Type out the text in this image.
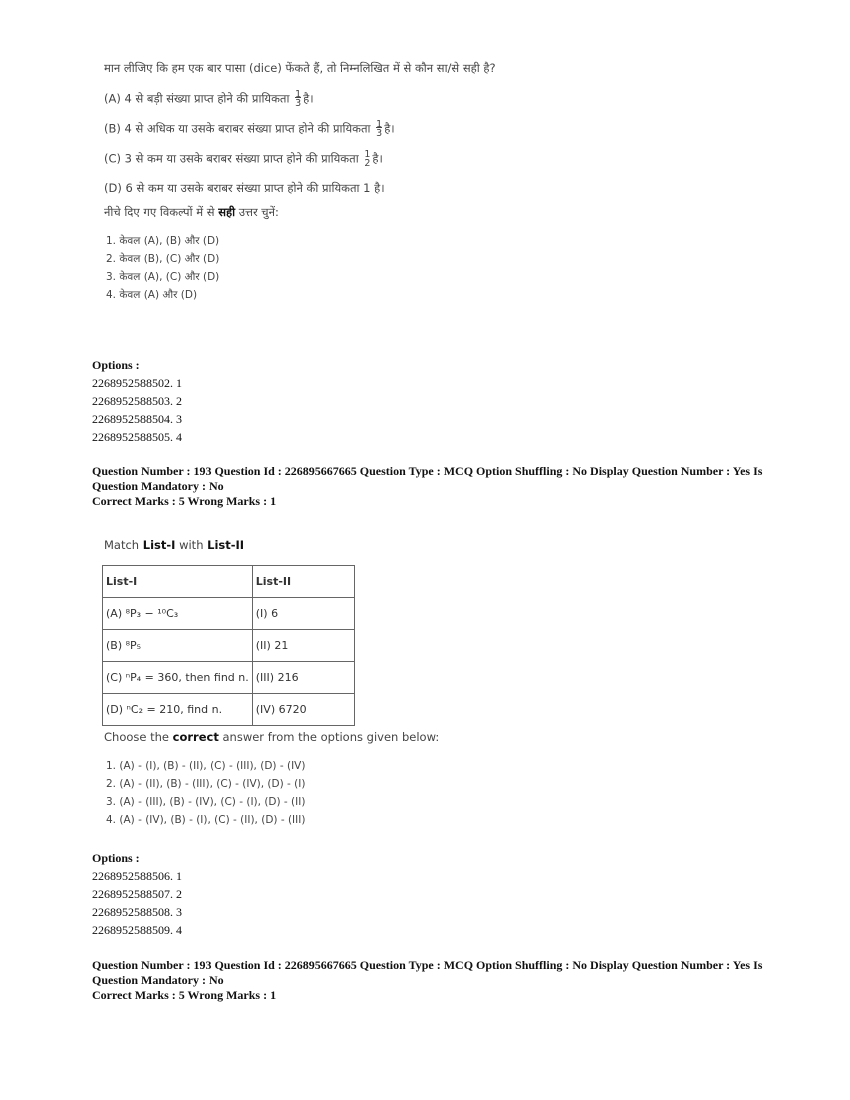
मान लीजिए कि हम एक बार पासा (dice) फेंकते हैं, तो निम्नलिखित में से कौन सा/से सही है?

(A) 4 से बड़ी संख्या प्राप्त होने की प्रायिकता 1
3 है।

(B) 4 से अधिक या उसके बराबर संख्या प्राप्त होने की प्रायिकता 1
3 है।

(C) 3 से कम या उसके बराबर संख्या प्राप्त होने की प्रायिकता 1
2 है।

(D) 6 से कम या उसके बराबर संख्या प्राप्त होने की प्रायिकता 1 है।

नीचे दिए गए विकल्पों में से सही उत्तर चुनें:

1. केवल (A), (B) और (D)
2. केवल (B), (C) और (D)
3. केवल (A), (C) और (D)
4. केवल (A) और (D)
Options :
2268952588502. 1
2268952588503. 2
2268952588504. 3
2268952588505. 4
Question Number : 193 Question Id : 226895667665 Question Type : MCQ Option Shuffling : No Display Question Number : Yes Is
Question Mandatory : No
Correct Marks : 5 Wrong Marks : 1
Match List-I with List-II
List-I	List-II
(A) ⁸P₃ − ¹⁰C₃	(I) 6
(B) ⁸P₅	(II) 21
(C) ⁿP₄ = 360, then find n.	(III) 216
(D) ⁿC₂ = 210, find n.	(IV) 6720
Choose the correct answer from the options given below:
1. (A) - (I), (B) - (II), (C) - (III), (D) - (IV)
2. (A) - (II), (B) - (III), (C) - (IV), (D) - (I)
3. (A) - (III), (B) - (IV), (C) - (I), (D) - (II)
4. (A) - (IV), (B) - (I), (C) - (II), (D) - (III)
Options :
2268952588506. 1
2268952588507. 2
2268952588508. 3
2268952588509. 4
Question Number : 193 Question Id : 226895667665 Question Type : MCQ Option Shuffling : No Display Question Number : Yes Is
Question Mandatory : No
Correct Marks : 5 Wrong Marks : 1
